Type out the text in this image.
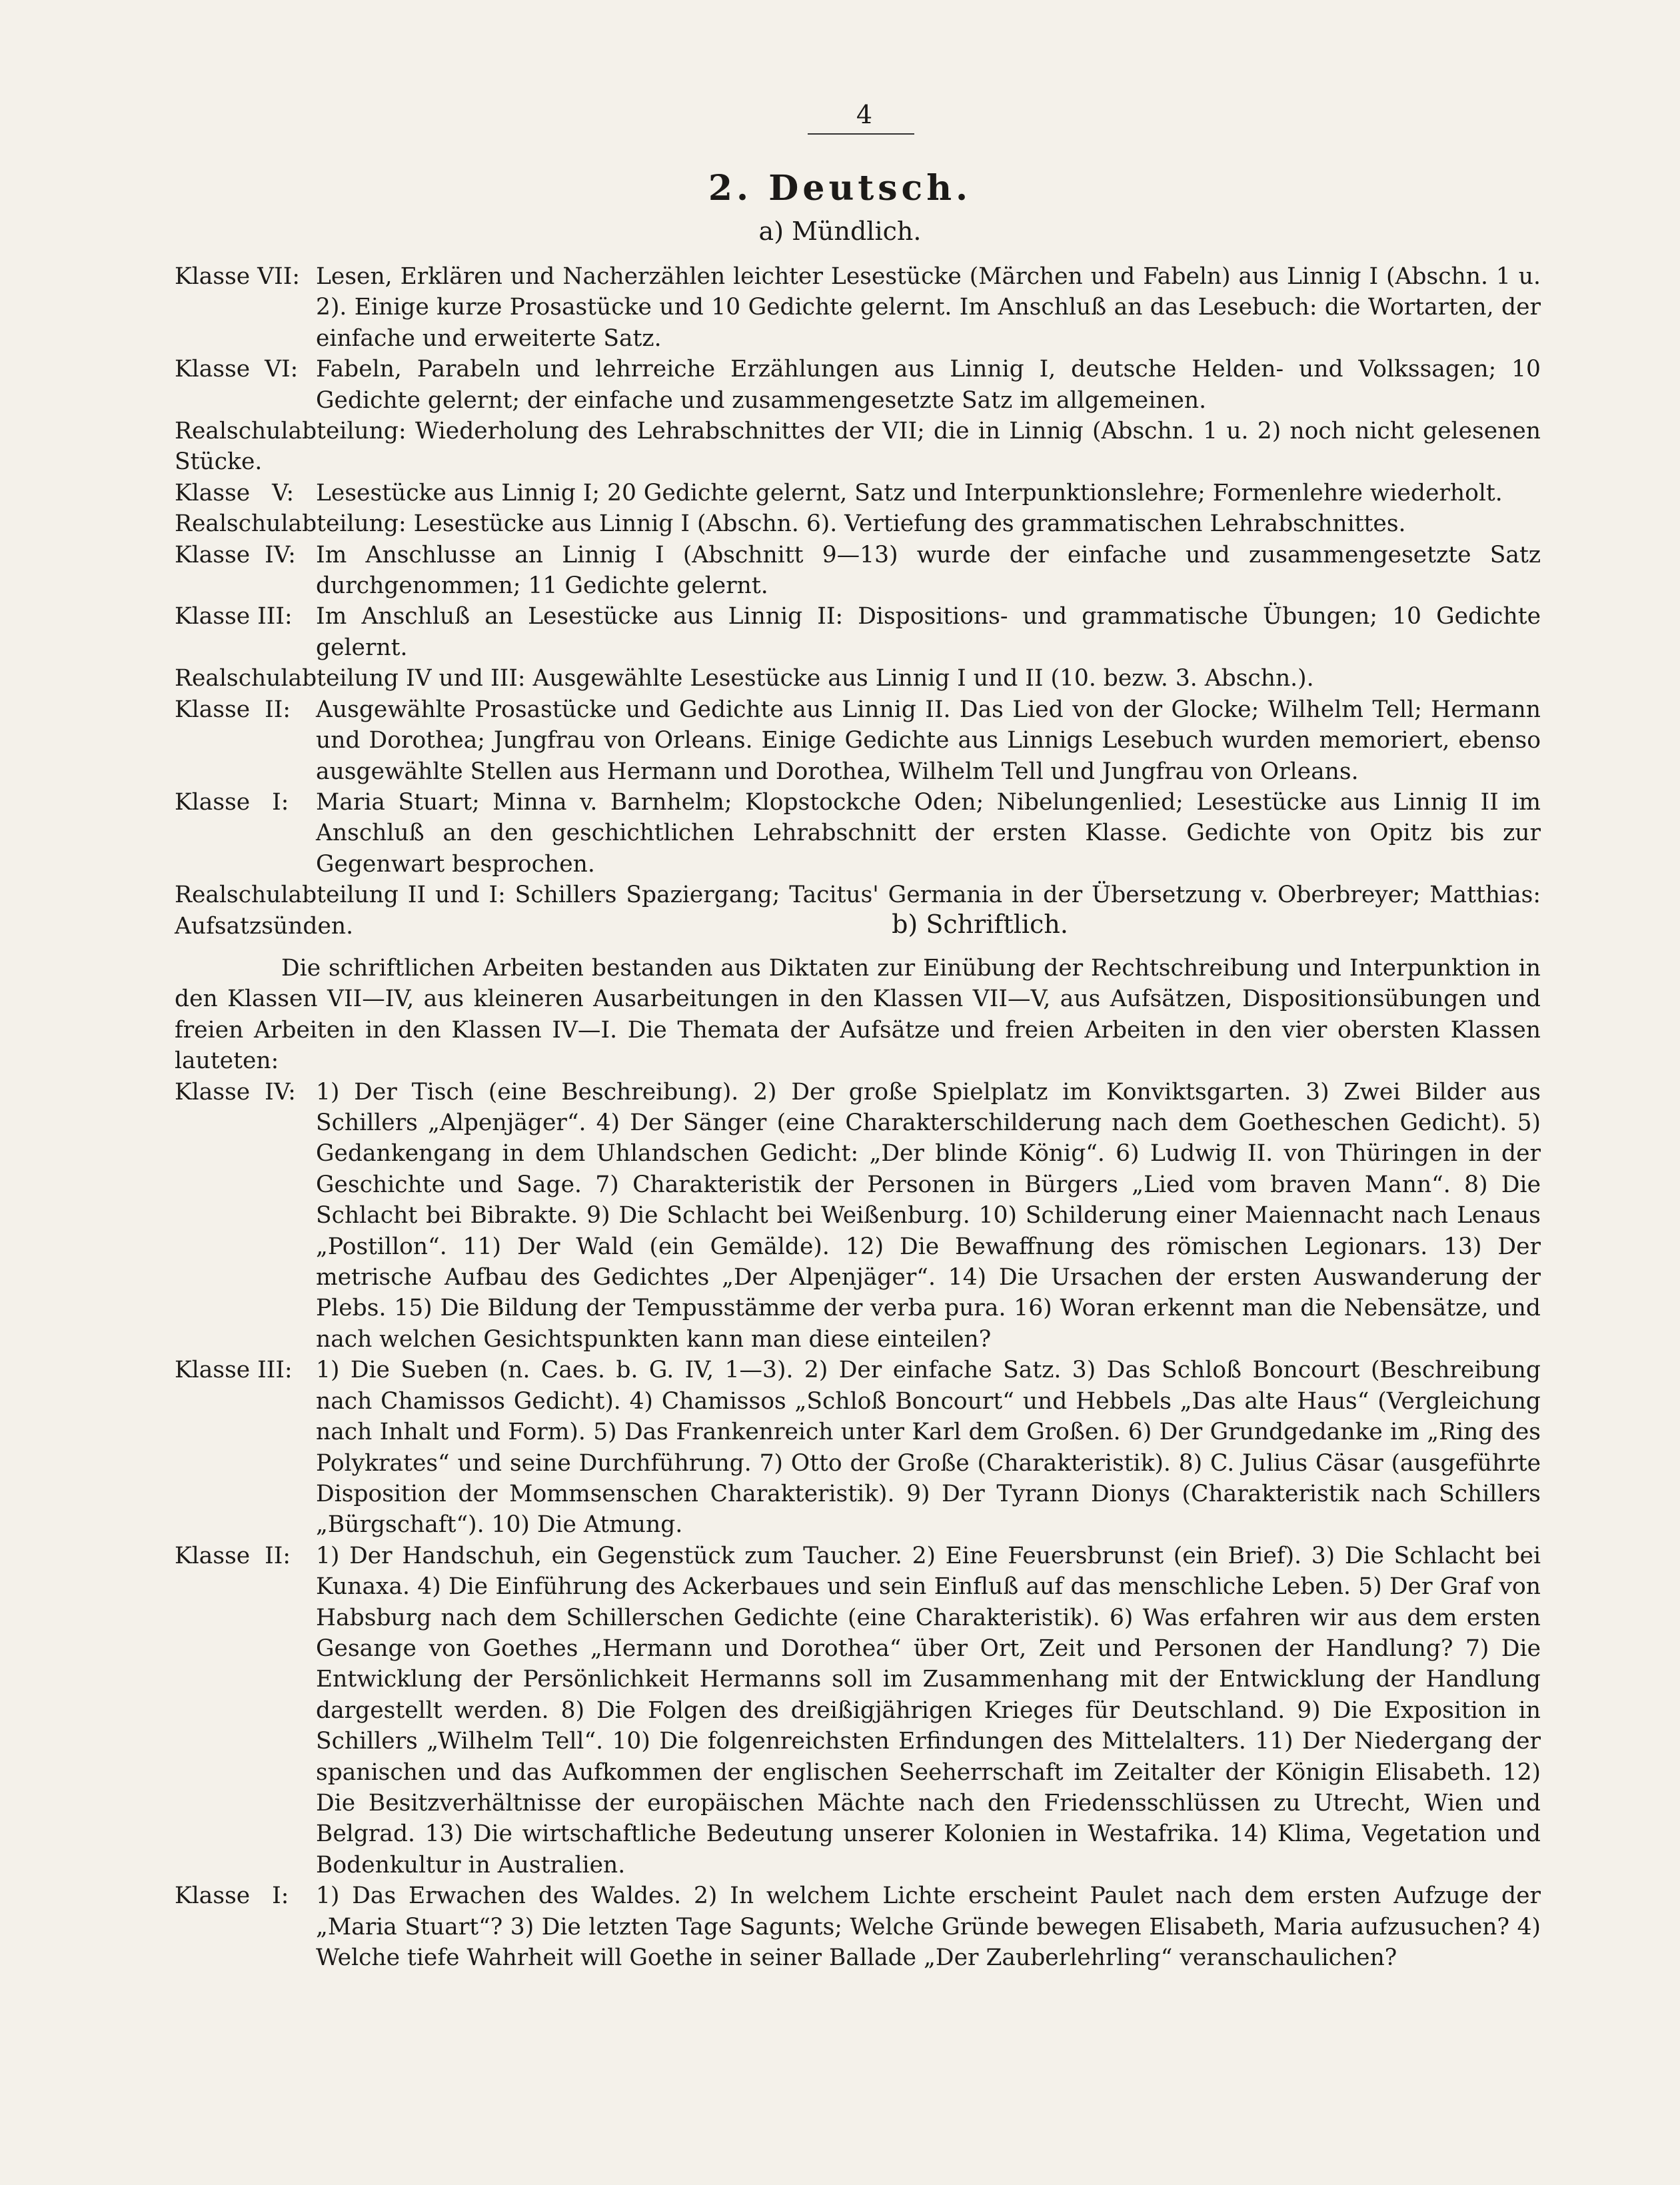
4
2. Deutsch.
a) Mündlich.
Klasse VII: Lesen, Erklären und Nacherzählen leichter Lesestücke (Märchen und Fabeln) aus Linnig I (Abschn. 1 u. 2). Einige kurze Prosastücke und 10 Gedichte gelernt. Im Anschluß an das Lesebuch: die Wortarten, der einfache und erweiterte Satz.
Klasse  VI: Fabeln, Parabeln und lehrreiche Erzählungen aus Linnig I, deutsche Helden- und Volkssagen; 10 Gedichte gelernt; der einfache und zusammengesetzte Satz im allgemeinen.
Realschulabteilung: Wiederholung des Lehrabschnittes der VII; die in Linnig (Abschn. 1 u. 2) noch nicht gelesenen Stücke.
Klasse   V: Lesestücke aus Linnig I; 20 Gedichte gelernt, Satz und Interpunktionslehre; Formenlehre wiederholt.
Realschulabteilung: Lesestücke aus Linnig I (Abschn. 6). Vertiefung des grammatischen Lehrabschnittes.
Klasse  IV: Im Anschlusse an Linnig I (Abschnitt 9—13) wurde der einfache und zusammengesetzte Satz durchgenommen; 11 Gedichte gelernt.
Klasse III:	Im Anschluß an Lesestücke aus Linnig II: Dispositions- und grammatische Übungen; 10 Gedichte gelernt.
Realschulabteilung IV und III: Ausgewählte Lesestücke aus Linnig I und II (10. bezw. 3. Abschn.).
Klasse  II:	Ausgewählte Prosastücke und Gedichte aus Linnig II. Das Lied von der Glocke; Wilhelm Tell; Hermann und Dorothea; Jungfrau von Orleans. Einige Gedichte aus Linnigs Lesebuch wurden memoriert, ebenso ausgewählte Stellen aus Hermann und Dorothea, Wilhelm Tell und Jungfrau von Orleans.
Klasse   I:	Maria Stuart; Minna v. Barnhelm; Klopstockсhe Oden; Nibelungenlied; Lesestücke aus Linnig II im Anschluß an den geschichtlichen Lehrabschnitt der ersten Klasse. Gedichte von Opitz bis zur Gegenwart besprochen.
Realschulabteilung II und I: Schillers Spaziergang; Tacitus' Germania in der Übersetzung v. Oberbreyer; Matthias: Aufsatzsünden.	b) Schriftlich.
Die schriftlichen Arbeiten bestanden aus Diktaten zur Einübung der Rechtschreibung und Interpunktion in den Klassen VII—IV, aus kleineren Ausarbeitungen in den Klassen VII—V, aus Aufsätzen, Dispositionsübungen und freien Arbeiten in den Klassen IV—I. Die Themata der Aufsätze und freien Arbeiten in den vier obersten Klassen lauteten:
Klasse  IV: 1) Der Tisch (eine Beschreibung). 2) Der große Spielplatz im Konviktsgarten. 3) Zwei Bilder aus Schillers „Alpenjäger“. 4) Der Sänger (eine Charakterschilderung nach dem Goetheschen Gedicht). 5) Gedankengang in dem Uhlandschen Gedicht: „Der blinde König“. 6) Ludwig II. von Thüringen in der Geschichte und Sage. 7) Charakteristik der Personen in Bürgers „Lied vom braven Mann“. 8) Die Schlacht bei Bibrakte. 9) Die Schlacht bei Weißenburg. 10) Schilderung einer Maiennacht nach Lenaus „Postillon“. 11) Der Wald (ein Gemälde). 12) Die Bewaffnung des römischen Legionars. 13) Der metrische Aufbau des Gedichtes „Der Alpenjäger“. 14) Die Ursachen der ersten Auswanderung der Plebs. 15) Die Bildung der Tempusstämme der verba pura. 16) Woran erkennt man die Nebensätze, und nach welchen Gesichtspunkten kann man diese einteilen?
Klasse III:	1) Die Sueben (n. Caes. b. G. IV, 1—3). 2) Der einfache Satz. 3) Das Schloß Boncourt (Beschreibung nach Chamissos Gedicht). 4) Chamissos „Schloß Boncourt“ und Hebbels „Das alte Haus“ (Vergleichung nach Inhalt und Form). 5) Das Frankenreich unter Karl dem Großen. 6) Der Grundgedanke im „Ring des Polykrates“ und seine Durchführung. 7) Otto der Große (Charakteristik). 8) C. Julius Cäsar (ausgeführte Disposition der Mommsenschen Charakteristik). 9) Der Tyrann Dionys (Charakteristik nach Schillers „Bürgschaft“). 10) Die Atmung.
Klasse  II:	1) Der Handschuh, ein Gegenstück zum Taucher. 2) Eine Feuersbrunst (ein Brief). 3) Die Schlacht bei Kunaxa. 4) Die Einführung des Ackerbaues und sein Einfluß auf das menschliche Leben. 5) Der Graf von Habsburg nach dem Schillerschen Gedichte (eine Charakteristik). 6) Was erfahren wir aus dem ersten Gesange von Goethes „Hermann und Dorothea“ über Ort, Zeit und Personen der Handlung? 7) Die Entwicklung der Persönlichkeit Hermanns soll im Zusammenhang mit der Entwicklung der Handlung dargestellt werden. 8) Die Folgen des dreißigjährigen Krieges für Deutschland. 9) Die Exposition in Schillers „Wilhelm Tell“. 10) Die folgenreichsten Erfindungen des Mittelalters. 11) Der Niedergang der spanischen und das Aufkommen der englischen Seeherrschaft im Zeitalter der Königin Elisabeth. 12) Die Besitzverhältnisse der europäischen Mächte nach den Friedensschlüssen zu Utrecht, Wien und Belgrad. 13) Die wirtschaftliche Bedeutung unserer Kolonien in Westafrika. 14) Klima, Vegetation und Bodenkultur in Australien.
Klasse   I:	1) Das Erwachen des Waldes. 2) In welchem Lichte erscheint Paulet nach dem ersten Aufzuge der „Maria Stuart“? 3) Die letzten Tage Sagunts; Welche Gründe bewegen Elisabeth, Maria aufzusuchen? 4) Welche tiefe Wahrheit will Goethe in seiner Ballade „Der Zauberlehrling“ veranschaulichen?
